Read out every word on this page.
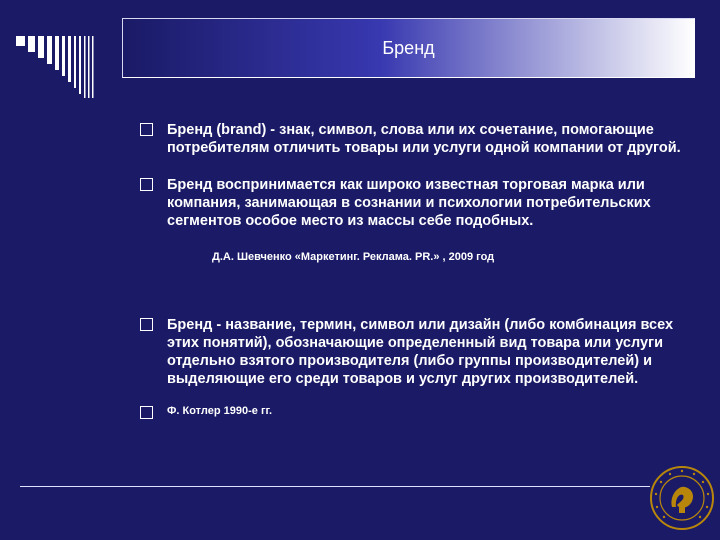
Бренд
Бренд (brand) - знак, символ, слова или их сочетание, помогающие потребителям отличить товары или услуги одной компании от другой.
Бренд воспринимается как широко известная торговая марка или компания, занимающая в сознании и психологии потребительских сегментов особое место из массы себе подобных.
Д.А. Шевченко «Маркетинг. Реклама. PR.» , 2009 год
Бренд - название, термин, символ или дизайн (либо комбинация всех этих понятий), обозначающие определенный вид товара или услуги отдельно взятого производителя (либо группы производителей) и выделяющие его среди товаров и услуг других производителей.
Ф. Котлер 1990-е гг.
